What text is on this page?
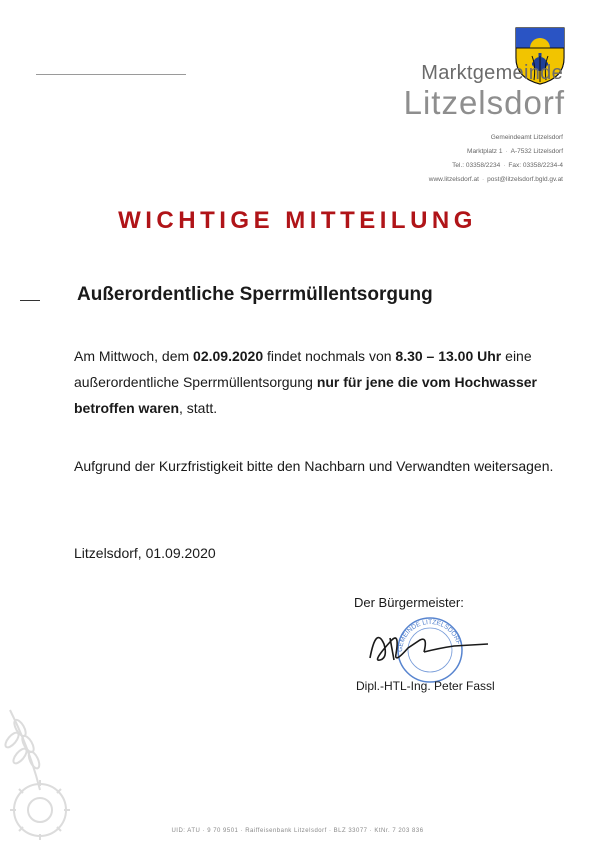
Marktgemeinde
Litzelsdorf
Gemeindeamt Litzelsdorf
Marktplatz 1 · A-7532 Litzelsdorf
Tel.: 03358/2234 · Fax: 03358/2234-4
www.litzelsdorf.at · post@litzelsdorf.bgld.gv.at
WICHTIGE MITTEILUNG
Außerordentliche Sperrmüllentsorgung
Am Mittwoch, dem 02.09.2020 findet nochmals von 8.30 – 13.00 Uhr eine außerordentliche Sperrmüllentsorgung nur für jene die vom Hochwasser betroffen waren, statt.
Aufgrund der Kurzfristigkeit bitte den Nachbarn und Verwandten weitersagen.
Litzelsdorf, 01.09.2020
Der Bürgermeister:
GEMEINDE LITZELSDORF
Dipl.-HTL-Ing. Peter Fassl
UID: ATU · 9 70 9501 · Raiffeisenbank Litzelsdorf · BLZ 33077 · KtNr. 7 203 836
